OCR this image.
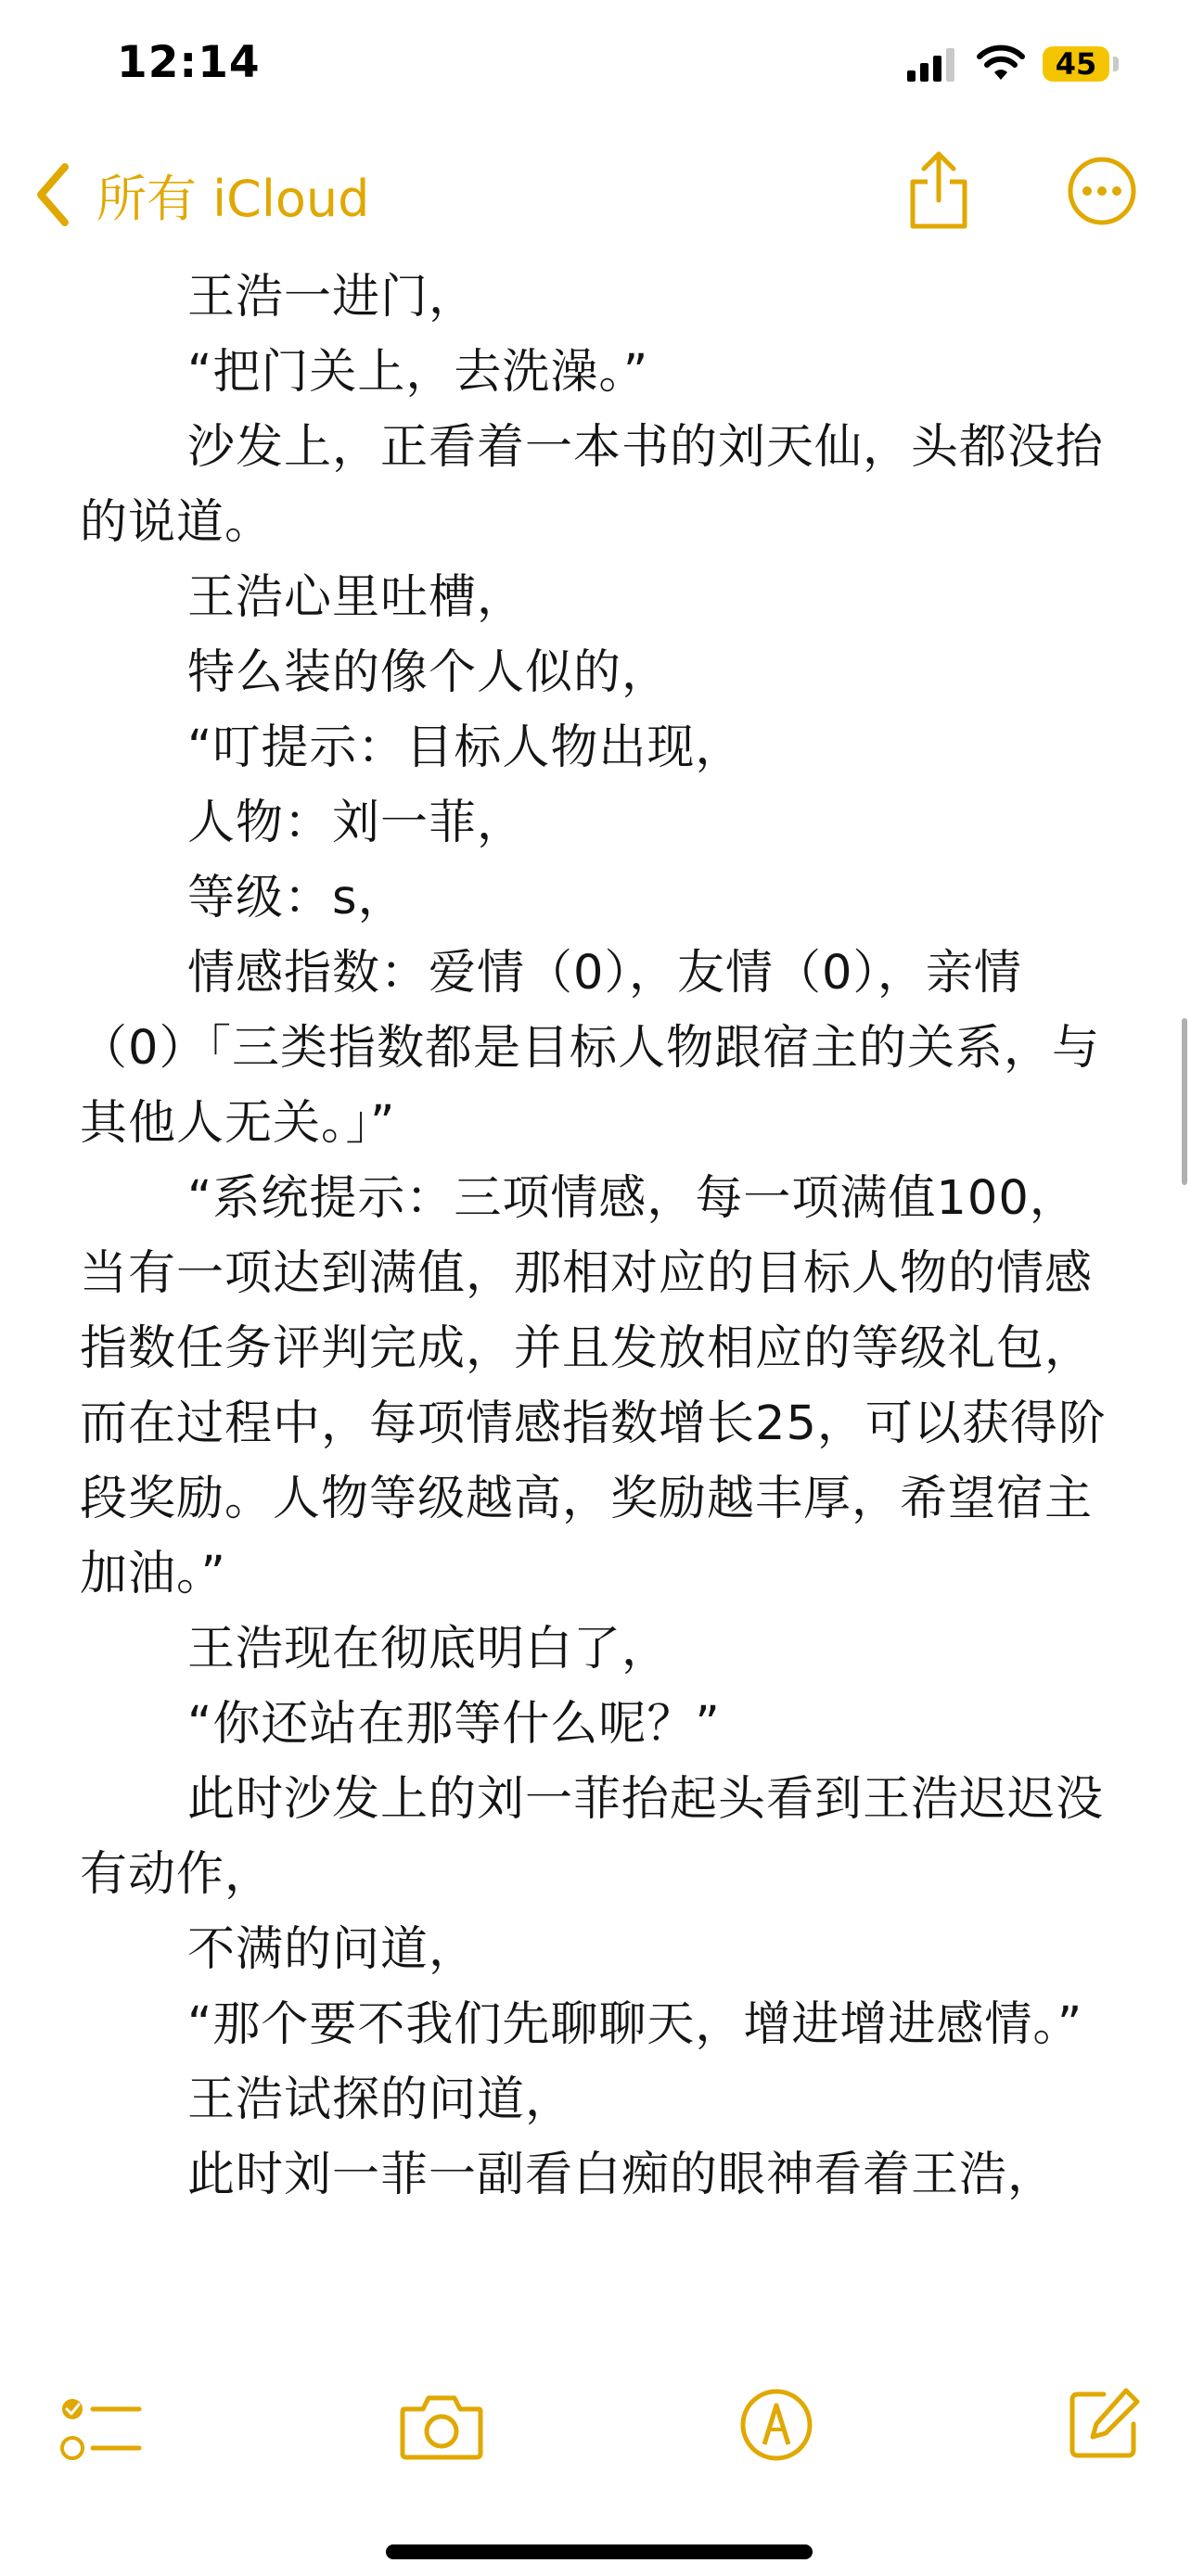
12:14	45
所有 iCloud

王浩一进门，

“把门关上，去洗澡。”

沙发上，正看着一本书的刘天仙，头都没抬的说道。

王浩心里吐槽，

特么装的像个人似的，

“叮提示：目标人物出现，

人物：刘一菲，

等级：s，

情感指数：爱情（0），友情（0），亲情（0）「三类指数都是目标人物跟宿主的关系，与其他人无关。」”

“系统提示：三项情感，每一项满值100，当有一项达到满值，那相对应的目标人物的情感指数任务评判完成，并且发放相应的等级礼包，而在过程中，每项情感指数增长25，可以获得阶段奖励。人物等级越高，奖励越丰厚，希望宿主加油。”

王浩现在彻底明白了，

“你还站在那等什么呢？”

此时沙发上的刘一菲抬起头看到王浩迟迟没有动作，

不满的问道，

“那个要不我们先聊聊天，增进增进感情。”

王浩试探的问道，

此时刘一菲一副看白痴的眼神看着王浩，
